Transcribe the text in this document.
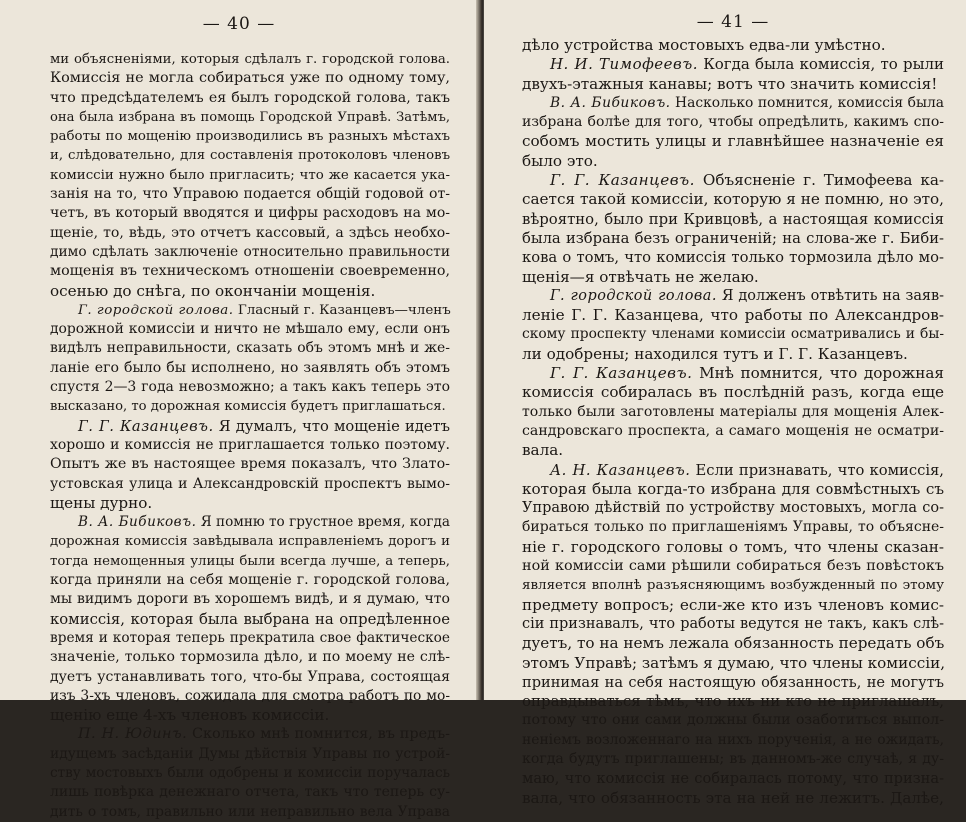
— 40 —
ми объясненіями, которыя сдѣлалъ г. городской голова.
Комиссія не могла собираться уже по одному тому,
что предсѣдателемъ ея былъ городской голова, такъ
она была избрана въ помощь Городской Управѣ. Затѣмъ,
работы по мощенію производились въ разныхъ мѣстахъ
и, слѣдовательно, для составленія протоколовъ членовъ
комиссіи нужно было пригласить; что же касается ука-
занія на то, что Управою подается общій годовой от-
четъ, въ который вводятся и цифры расходовъ на мо-
щеніе, то, вѣдь, это отчетъ кассовый, а здѣсь необхо-
димо сдѣлать заключеніе относительно правильности
мощенія въ техническомъ отношеніи своевременно,
осенью до снѣга, по окончаніи мощенія.
Г. городской голова. Гласный г. Казанцевъ—членъ
дорожной комиссіи и ничто не мѣшало ему, если онъ
видѣлъ неправильности, сказать объ этомъ мнѣ и же-
ланіе его было бы исполнено, но заявлять объ этомъ
спустя 2—3 года невозможно; а такъ какъ теперь это
высказано, то дорожная комиссія будетъ приглашаться.
Г. Г. Казанцевъ. Я думалъ, что мощеніе идетъ
хорошо и комиссія не приглашается только поэтому.
Опытъ же въ настоящее время показалъ, что Злато-
устовская улица и Александровскій проспектъ вымо-
щены дурно.
В. А. Бибиковъ. Я помню то грустное время, когда
дорожная комиссія завѣдывала исправленіемъ дорогъ и
тогда немощенныя улицы были всегда лучше, а теперь,
когда приняли на себя мощеніе г. городской голова,
мы видимъ дороги въ хорошемъ видѣ, и я думаю, что
комиссія, которая была выбрана на опредѣленное
время и которая теперь прекратила свое фактическое
значеніе, только тормозила дѣло, и по моему не слѣ-
дуетъ устанавливать того, что-бы Управа, состоящая
изъ 3-хъ членовъ, сожидала для смотра работъ по мо-
щенію еще 4-хъ членовъ комиссіи.
П. Н. Юдинъ. Сколько мнѣ помнится, въ предъ-
идущемъ засѣданіи Думы дѣйствія Управы по устрой-
ству мостовыхъ были одобрены и комиссіи поручалась
лишь повѣрка денежнаго отчета, такъ что теперь су-
дить о томъ, правильно или неправильно вела Управа
— 41 —
дѣло устройства мостовыхъ едва-ли умѣстно.
Н. И. Тимофеевъ. Когда была комиссія, то рыли
двухъ-этажныя канавы; вотъ что значить комиссія!
В. А. Бибиковъ. Насколько помнится, комиссія была
избрана болѣе для того, чтобы опредѣлить, какимъ спо-
собомъ мостить улицы и главнѣйшее назначеніе ея
было это.
Г. Г. Казанцевъ. Объясненіе г. Тимофеева ка-
сается такой комиссіи, которую я не помню, но это,
вѣроятно, было при Кривцовѣ, а настоящая комиссія
была избрана безъ ограниченій; на слова-же г. Биби-
кова о томъ, что комиссія только тормозила дѣло мо-
щенія—я отвѣчать не желаю.
Г. городской голова. Я долженъ отвѣтить на заяв-
леніе Г. Г. Казанцева, что работы по Александров-
скому проспекту членами комиссіи осматривались и бы-
ли одобрены; находился тутъ и Г. Г. Казанцевъ.
Г. Г. Казанцевъ. Мнѣ помнится, что дорожная
комиссія собиралась въ послѣдній разъ, когда еще
только были заготовлены матеріалы для мощенія Алек-
сандровскаго проспекта, а самаго мощенія не осматри-
вала.
А. Н. Казанцевъ. Если признавать, что комиссія,
которая была когда-то избрана для совмѣстныхъ съ
Управою дѣйствій по устройству мостовыхъ, могла со-
бираться только по приглашеніямъ Управы, то объясне-
ніе г. городского головы о томъ, что члены сказан-
ной комиссіи сами рѣшили собираться безъ повѣстокъ
является вполнѣ разъясняющимъ возбужденный по этому
предмету вопросъ; если-же кто изъ членовъ комис-
сіи признавалъ, что работы ведутся не такъ, какъ слѣ-
дуетъ, то на немъ лежала обязанность передать объ
этомъ Управѣ; затѣмъ я думаю, что члены комиссіи,
принимая на себя настоящую обязанность, не могутъ
оправдываться тѣмъ, что ихъ ни кто не приглашалъ,
потому что они сами должны были озаботиться выпол-
неніемъ возложеннаго на нихъ порученія, а не ожидать,
когда будутъ приглашены; въ данномъ-же случаѣ, я ду-
маю, что комиссія не собиралась потому, что призна-
вала, что обязанность эта на ней не лежитъ. Далѣе,
